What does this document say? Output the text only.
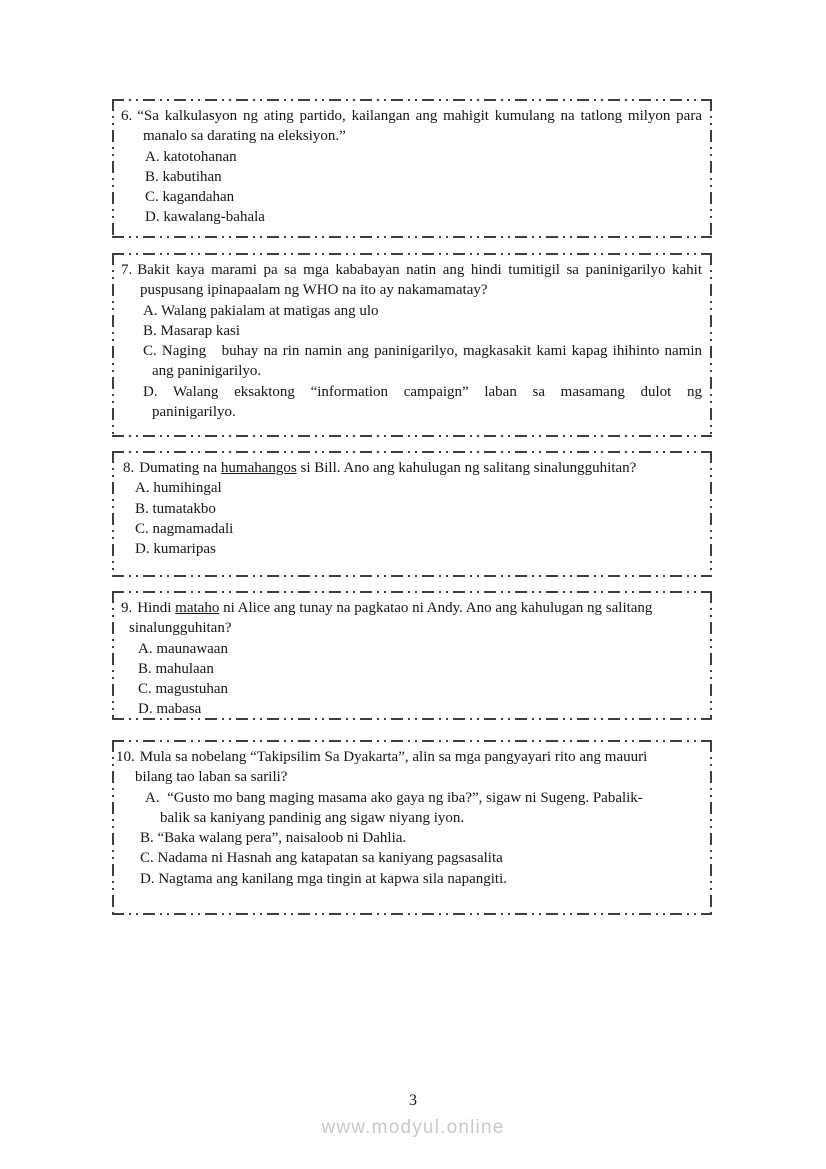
6. “Sa kalkulasyon ng ating partido, kailangan ang mahigit kumulang na tatlong milyon para
manalo sa darating na eleksiyon.”
A. katotohanan
B. kabutihan
C. kagandahan
D. kawalang-bahala
7. Bakit kaya marami pa sa mga kababayan natin ang hindi tumitigil sa paninigarilyo kahit
puspusang ipinapaalam ng WHO na ito ay nakamamatay?
A. Walang pakialam at matigas ang ulo
B. Masarap kasi
C. Naging   buhay na rin namin ang paninigarilyo, magkasakit kami kapag ihihinto namin
ang paninigarilyo.
D. Walang eksaktong “information campaign” laban sa masamang dulot ng
paninigarilyo.
8. Dumating na humahangos si Bill. Ano ang kahulugan ng salitang sinalungguhitan?
A. humihingal
B. tumatakbo
C. nagmamadali
D. kumaripas
9. Hindi mataho ni Alice ang tunay na pagkatao ni Andy. Ano ang kahulugan ng salitang
sinalungguhitan?
A. maunawaan
B. mahulaan
C. magustuhan
D. mabasa
10. Mula sa nobelang “Takipsilim Sa Dyakarta”, alin sa mga pangyayari rito ang mauuri
bilang tao laban sa sarili?
A.  “Gusto mo bang maging masama ako gaya ng iba?”, sigaw ni Sugeng. Pabalik-
balik sa kaniyang pandinig ang sigaw niyang iyon.
B. “Baka walang pera”, naisaloob ni Dahlia.
C. Nadama ni Hasnah ang katapatan sa kaniyang pagsasalita
D. Nagtama ang kanilang mga tingin at kapwa sila napangiti.
3
www.modyul.online
